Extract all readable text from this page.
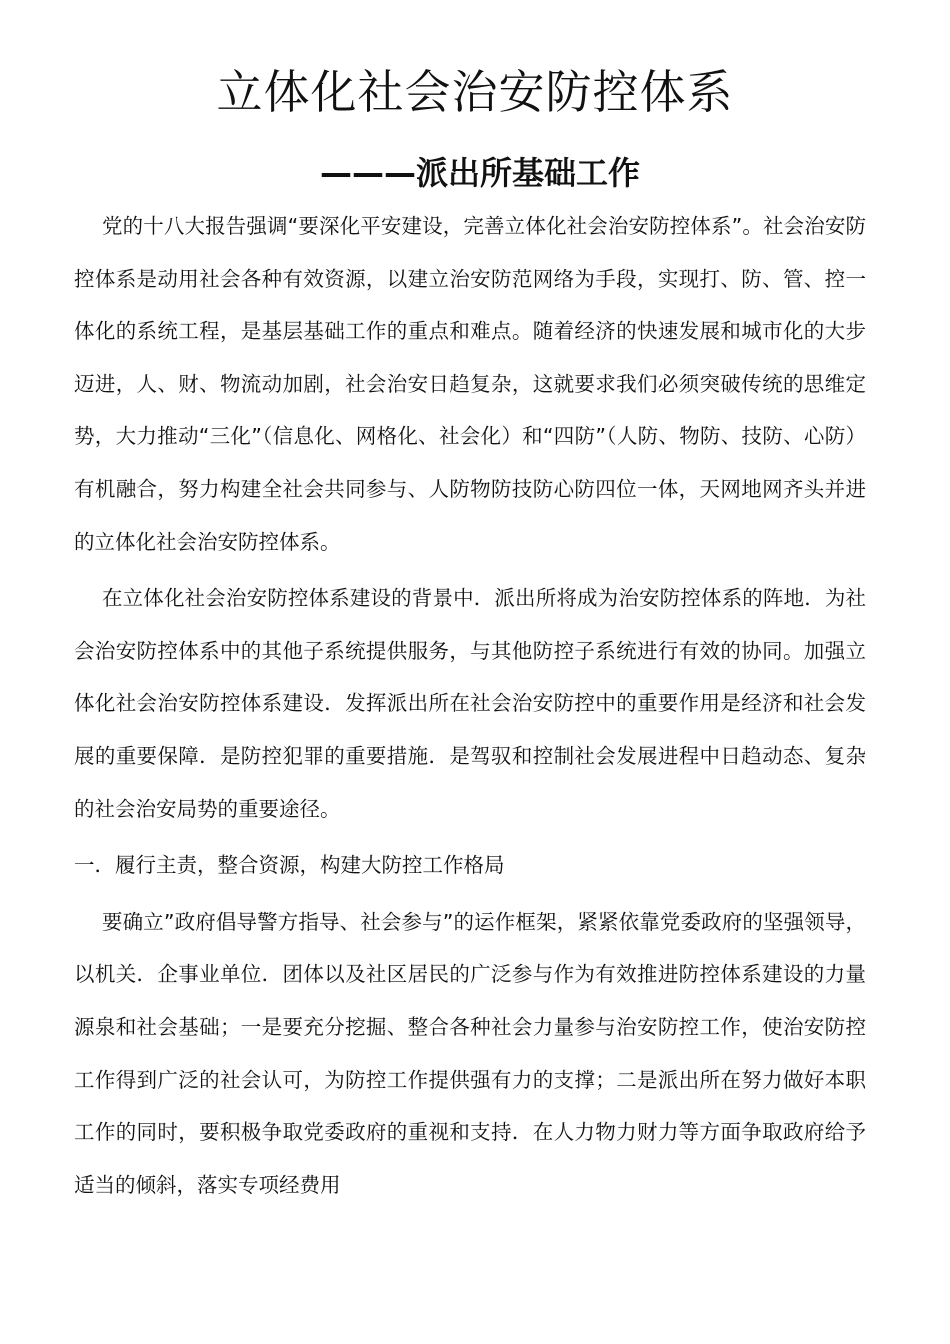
立体化社会治安防控体系
———派出所基础工作

党的十八大报告强调“要深化平安建设，完善立体化社会治安防控体系”。社会治安防控体系是动用社会各种有效资源，以建立治安防范网络为手段，实现打、防、管、控一体化的系统工程，是基层基础工作的重点和难点。随着经济的快速发展和城市化的大步迈进，人、财、物流动加剧，社会治安日趋复杂，这就要求我们必须突破传统的思维定势，大力推动“三化”（信息化、网格化、社会化）和“四防”（人防、物防、技防、心防）有机融合，努力构建全社会共同参与、人防物防技防心防四位一体，天网地网齐头并进的立体化社会治安防控体系。

在立体化社会治安防控体系建设的背景中．派出所将成为治安防控体系的阵地．为社会治安防控体系中的其他子系统提供服务，与其他防控子系统进行有效的协同。加强立体化社会治安防控体系建设．发挥派出所在社会治安防控中的重要作用是经济和社会发展的重要保障．是防控犯罪的重要措施．是驾驭和控制社会发展进程中日趋动态、复杂的社会治安局势的重要途径。

一．履行主责，整合资源，构建大防控工作格局

要确立”政府倡导警方指导、社会参与”的运作框架，紧紧依靠党委政府的坚强领导，以机关．企事业单位．团体以及社区居民的广泛参与作为有效推进防控体系建设的力量源泉和社会基础；一是要充分挖掘、整合各种社会力量参与治安防控工作，使治安防控工作得到广泛的社会认可，为防控工作提供强有力的支撑；二是派出所在努力做好本职工作的同时，要积极争取党委政府的重视和支持．在人力物力财力等方面争取政府给予适当的倾斜，落实专项经费用
